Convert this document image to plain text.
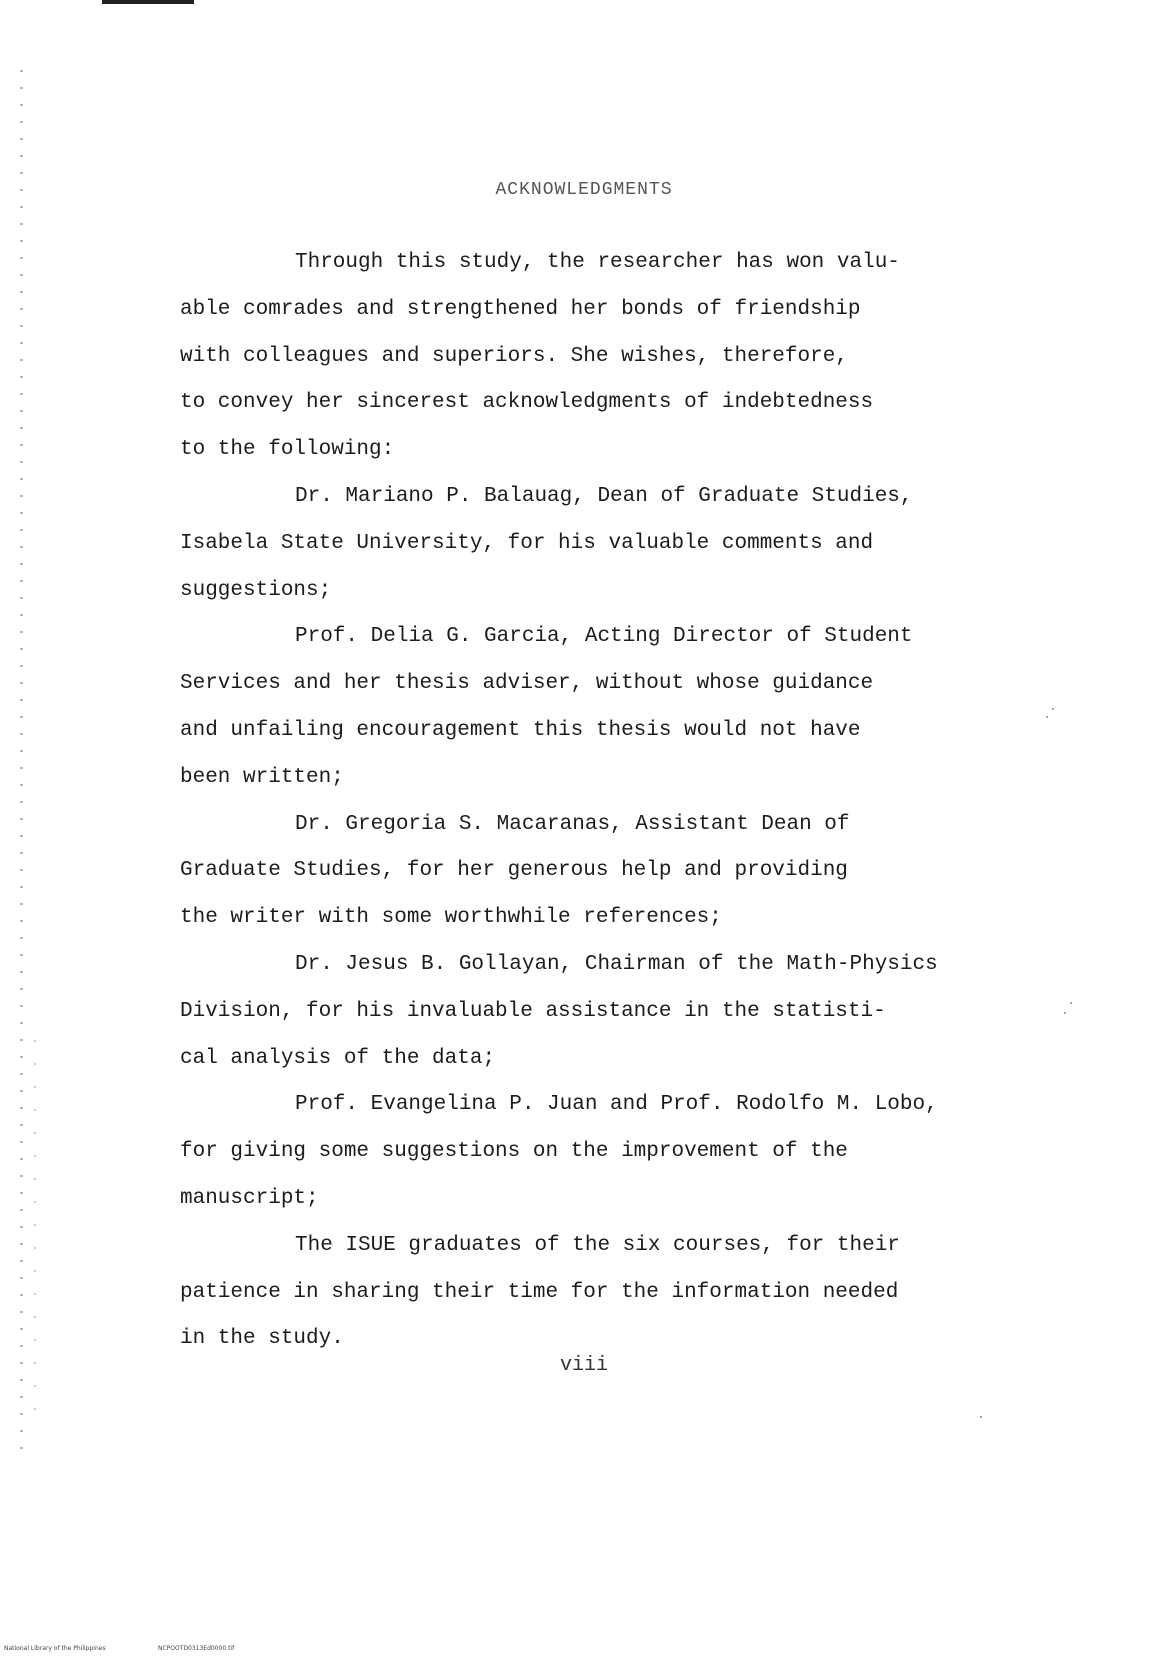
ACKNOWLEDGMENTS
Through this study, the researcher has won valu-
able comrades and strengthened her bonds of friendship
with colleagues and superiors. She wishes, therefore,
to convey her sincerest acknowledgments of indebtedness
to the following:
Dr. Mariano P. Balauag, Dean of Graduate Studies,
Isabela State University, for his valuable comments and
suggestions;
Prof. Delia G. Garcia, Acting Director of Student
Services and her thesis adviser, without whose guidance
and unfailing encouragement this thesis would not have
been written;
Dr. Gregoria S. Macaranas, Assistant Dean of
Graduate Studies, for her generous help and providing
the writer with some worthwhile references;
Dr. Jesus B. Gollayan, Chairman of the Math-Physics
Division, for his invaluable assistance in the statisti-
cal analysis of the data;
Prof. Evangelina P. Juan and Prof. Rodolfo M. Lobo,
for giving some suggestions on the improvement of the
manuscript;
The ISUE graduates of the six courses, for their
patience in sharing their time for the information needed
in the study.
viii
National Library of the Philippines	NCPOOTD0313Ed0000.tif
